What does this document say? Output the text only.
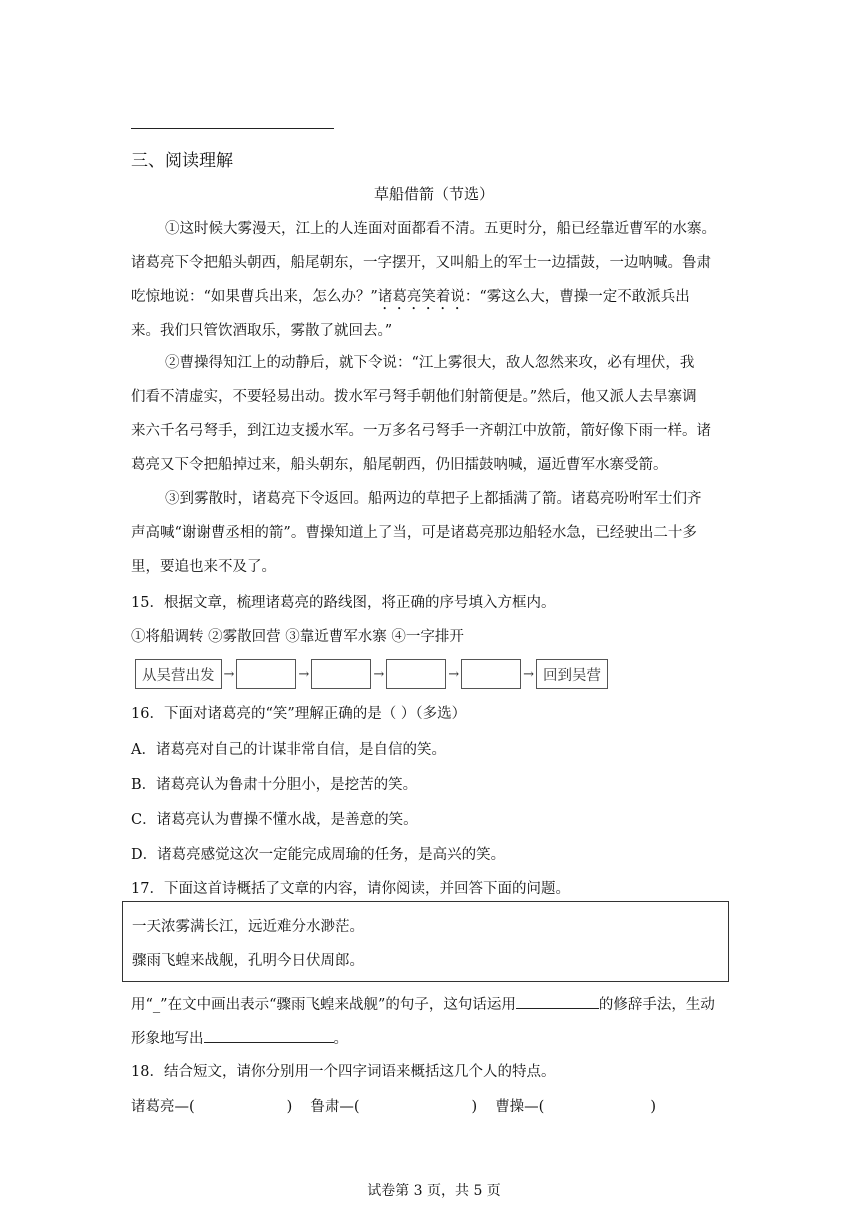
三、阅读理解
草船借箭（节选）
①这时候大雾漫天，江上的人连面对面都看不清。五更时分，船已经靠近曹军的水寨。
诸葛亮下令把船头朝西，船尾朝东，一字摆开，又叫船上的军士一边擂鼓，一边呐喊。鲁肃
吃惊地说：“如果曹兵出来，怎么办？”诸葛亮笑着说：“雾这么大，曹操一定不敢派兵出
来。我们只管饮酒取乐，雾散了就回去。”
②曹操得知江上的动静后，就下令说：“江上雾很大，敌人忽然来攻，必有埋伏，我
们看不清虚实，不要轻易出动。拨水军弓弩手朝他们射箭便是。”然后，他又派人去旱寨调
来六千名弓弩手，到江边支援水军。一万多名弓弩手一齐朝江中放箭，箭好像下雨一样。诸
葛亮又下令把船掉过来，船头朝东，船尾朝西，仍旧擂鼓呐喊，逼近曹军水寨受箭。
③到雾散时，诸葛亮下令返回。船两边的草把子上都插满了箭。诸葛亮吩咐军士们齐
声高喊“谢谢曹丞相的箭”。曹操知道上了当，可是诸葛亮那边船轻水急，已经驶出二十多
里，要追也来不及了。
15．根据文章，梳理诸葛亮的路线图，将正确的序号填入方框内。
①将船调转 ②雾散回营 ③靠近曹军水寨 ④一字排开
从吴营出发 →	→	→	→	→ 回到吴营
16．下面对诸葛亮的“笑”理解正确的是（ ）（多选）
A．诸葛亮对自己的计谋非常自信，是自信的笑。
B．诸葛亮认为鲁肃十分胆小，是挖苦的笑。
C．诸葛亮认为曹操不懂水战，是善意的笑。
D．诸葛亮感觉这次一定能完成周瑜的任务，是高兴的笑。
17．下面这首诗概括了文章的内容，请你阅读，并回答下面的问题。
一天浓雾满长江，远近难分水渺茫。
骤雨飞蝗来战舰，孔明今日伏周郎。
用“_”在文中画出表示“骤雨飞蝗来战舰”的句子，这句话运用	的修辞手法，生动
形象地写出	。
18．结合短文，请你分别用一个四字词语来概括这几个人的特点。
诸葛亮—(	) 鲁肃—(	) 曹操—(	)
试卷第 3 页，共 5 页
